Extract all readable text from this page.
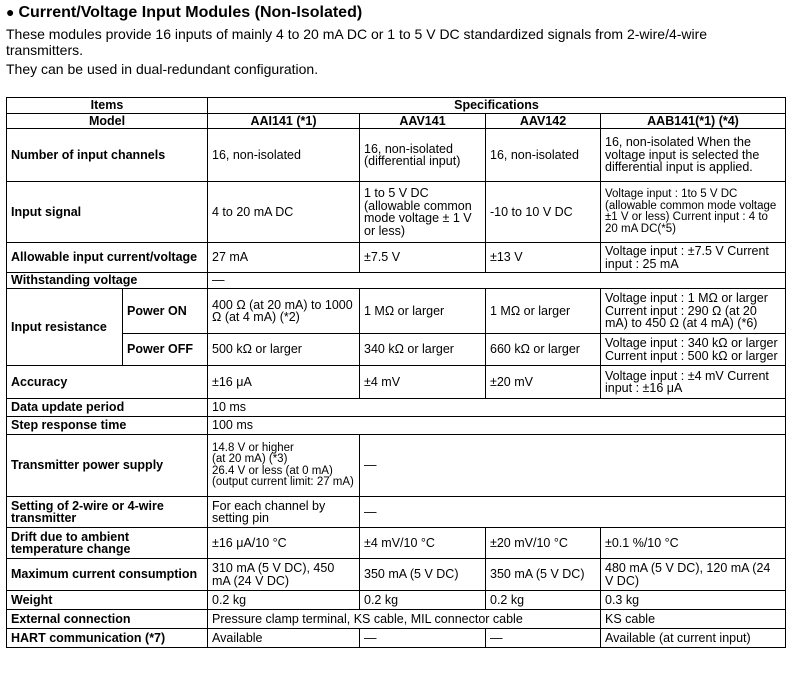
● Current/Voltage Input Modules (Non-Isolated)

These modules provide 16 inputs of mainly 4 to 20 mA DC or 1 to 5 V DC standardized signals from 2-wire/4-wire transmitters.

They can be used in dual-redundant configuration.

Items		Specifications			
Model		AAI141 (*1)	AAV141	AAV142	AAB141(*1) (*4)
Number of input channels		16, non-isolated	16, non-isolated (differential input)	16, non-isolated	16, non-isolated When the voltage input is selected the differential input is applied.
Input signal		4 to 20 mA DC	1 to 5 V DC (allowable common mode voltage ± 1 V or less)	-10 to 10 V DC	Voltage input : 1to 5 V DC (allowable common mode voltage ±1 V or less) Current input : 4 to 20 mA DC(*5)
Allowable input current/voltage		27 mA	±7.5 V	±13 V	Voltage input : ±7.5 V Current input : 25 mA
Withstanding voltage		—			
Input resistance	Power ON	400 Ω (at 20 mA) to 1000 Ω (at 4 mA) (*2)	1 MΩ or larger	1 MΩ or larger	Voltage input : 1 MΩ or larger Current input : 290 Ω (at 20 mA) to 450 Ω (at 4 mA) (*6)
	Power OFF	500 kΩ or larger	340 kΩ or larger	660 kΩ or larger	Voltage input : 340 kΩ or larger Current input : 500 kΩ or larger
Accuracy		±16 μA	±4 mV	±20 mV	Voltage input : ±4 mV Current input : ±16 μA
Data update period		10 ms			
Step response time		100 ms			
Transmitter power supply		14.8 V or higher
(at 20 mA) (*3)
26.4 V or less (at 0 mA)
(output current limit: 27 mA)	—		
Setting of 2-wire or 4-wire transmitter		For each channel by setting pin	—		
Drift due to ambient temperature change		±16 μA/10 °C	±4 mV/10 °C	±20 mV/10 °C	±0.1 %/10 °C
Maximum current consumption		310 mA (5 V DC), 450 mA (24 V DC)	350 mA (5 V DC)	350 mA (5 V DC)	480 mA (5 V DC), 120 mA (24 V DC)
Weight		0.2 kg	0.2 kg	0.2 kg	0.3 kg
External connection		Pressure clamp terminal, KS cable, MIL connector cable			KS cable
HART communication (*7)		Available	—	—	Available (at current input)
